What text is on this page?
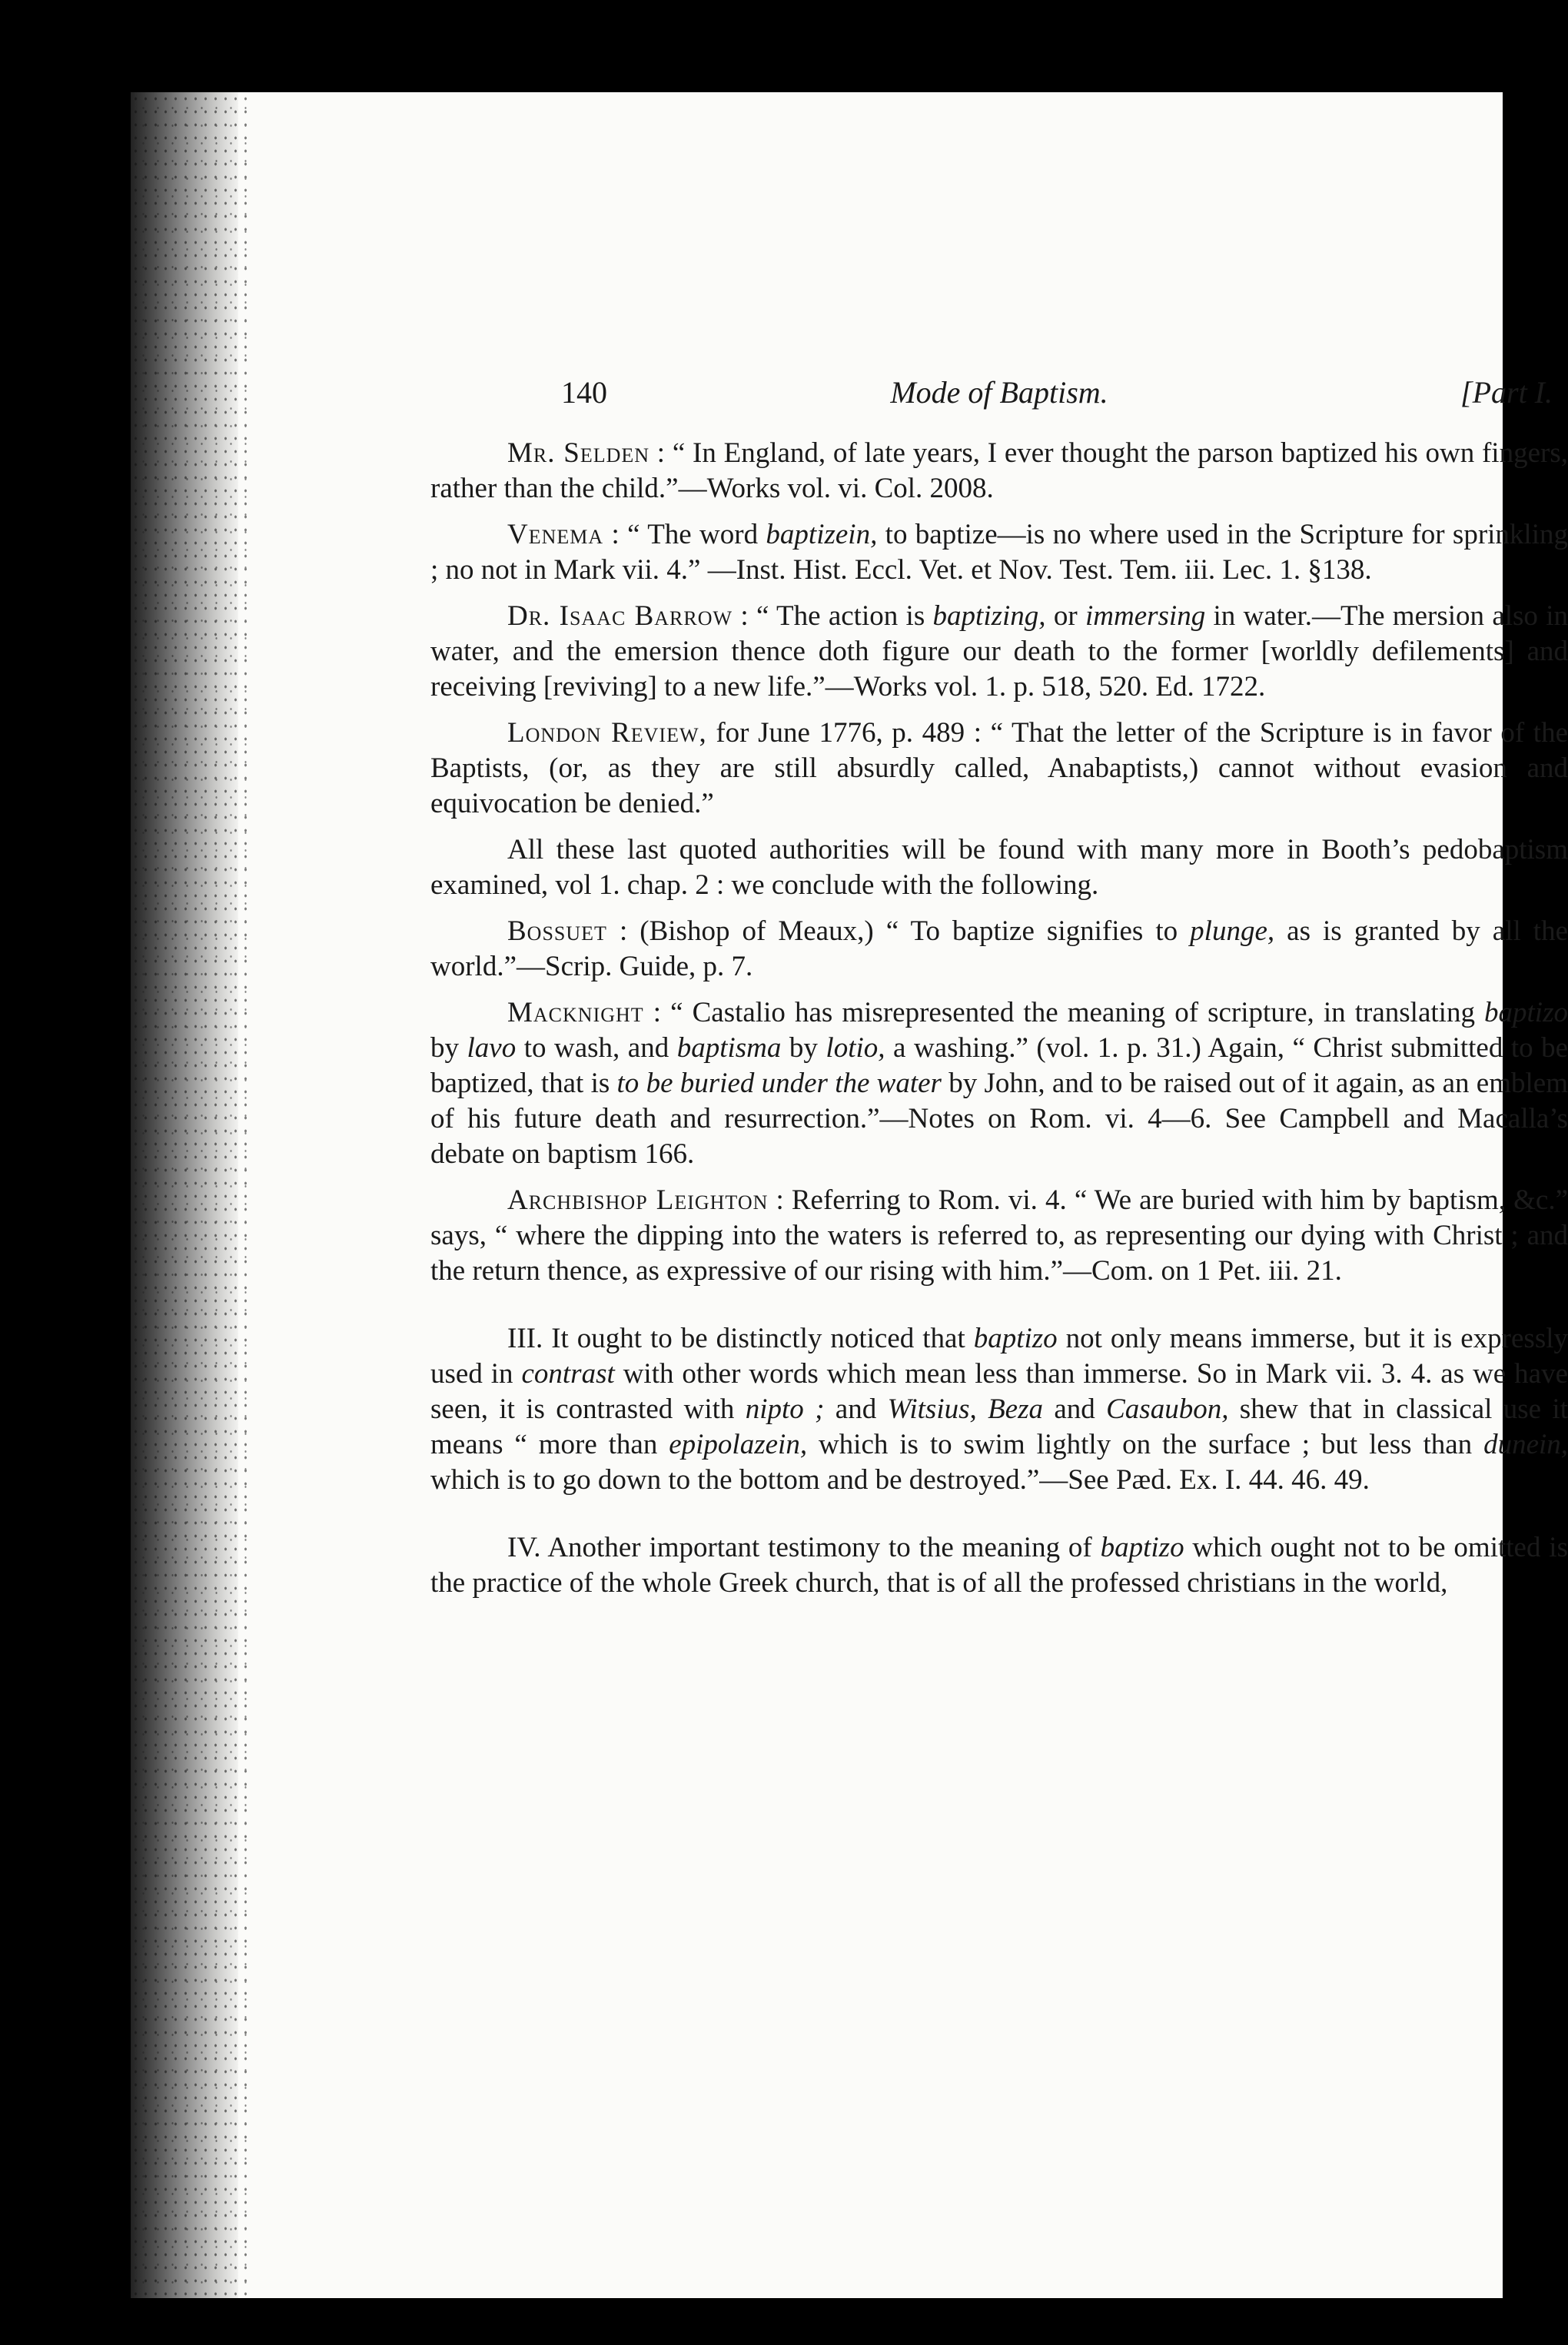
140	Mode of Baptism.	[Part I.

Mr. Selden : “ In England, of late years, I ever thought the parson baptized his own fingers, rather than the child.”—Works vol. vi. Col. 2008.

Venema : “ The word baptizein, to baptize—is no where used in the Scripture for sprinkling ; no not in Mark vii. 4.” —Inst. Hist. Eccl. Vet. et Nov. Test. Tem. iii. Lec. 1. §138.

Dr. Isaac Barrow : “ The action is baptizing, or immersing in water.—The mersion also in water, and the emersion thence doth figure our death to the former [worldly defilements] and receiving [reviving] to a new life.”—Works vol. 1. p. 518, 520. Ed. 1722.

London Review, for June 1776, p. 489 : “ That the letter of the Scripture is in favor of the Baptists, (or, as they are still absurdly called, Anabaptists,) cannot without evasion and equivocation be denied.”

All these last quoted authorities will be found with many more in Booth’s pedobaptism examined, vol 1. chap. 2 : we conclude with the following.

Bossuet : (Bishop of Meaux,) “ To baptize signifies to plunge, as is granted by all the world.”—Scrip. Guide, p. 7.

Macknight : “ Castalio has misrepresented the meaning of scripture, in translating baptizo by lavo to wash, and baptisma by lotio, a washing.” (vol. 1. p. 31.) Again, “ Christ submitted to be baptized, that is to be buried under the water by John, and to be raised out of it again, as an emblem of his future death and resurrection.”—Notes on Rom. vi. 4—6. See Campbell and Macalla’s debate on baptism 166.

Archbishop Leighton : Referring to Rom. vi. 4. “ We are buried with him by baptism, &c.” says, “ where the dipping into the waters is referred to, as representing our dying with Christ ; and the return thence, as expressive of our rising with him.”—Com. on 1 Pet. iii. 21.

III. It ought to be distinctly noticed that baptizo not only means immerse, but it is expressly used in contrast with other words which mean less than immerse. So in Mark vii. 3. 4. as we have seen, it is contrasted with nipto ; and Witsius, Beza and Casaubon, shew that in classical use it means “ more than epipolazein, which is to swim lightly on the surface ; but less than dunein, which is to go down to the bottom and be destroyed.”—See Pæd. Ex. I. 44. 46. 49.

IV. Another important testimony to the meaning of baptizo which ought not to be omitted is the practice of the whole Greek church, that is of all the professed christians in the world,
